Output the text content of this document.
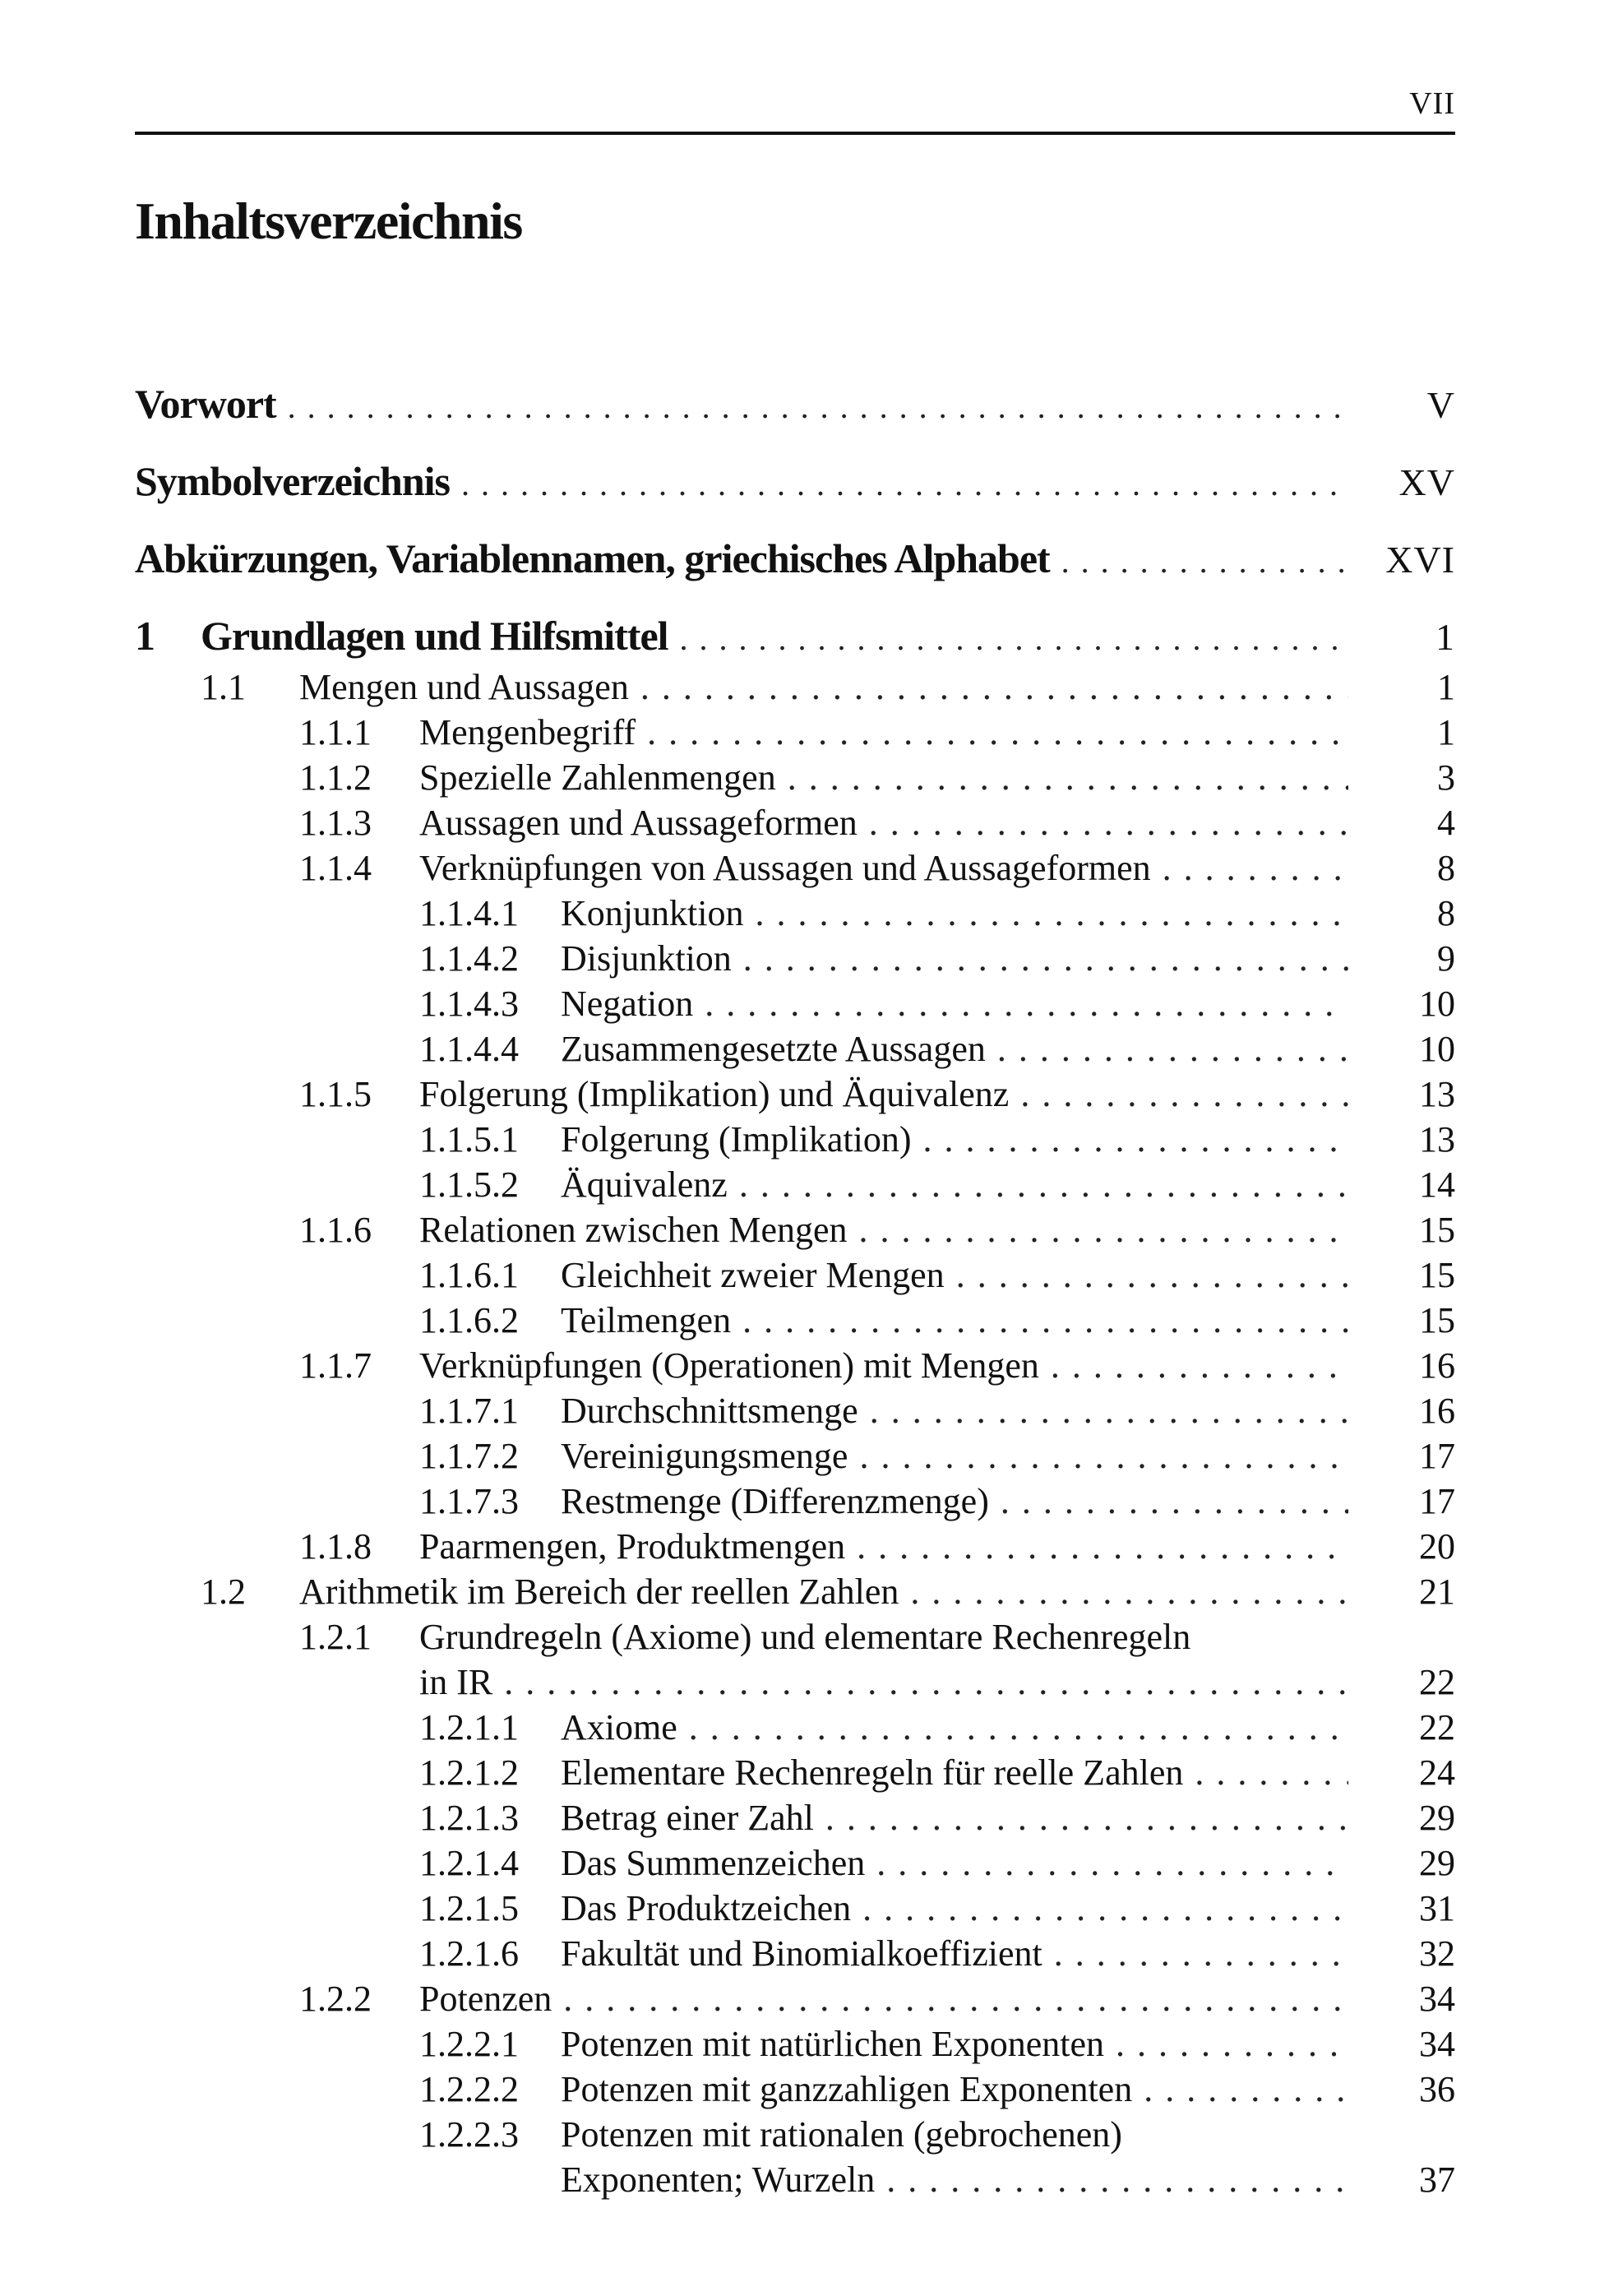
VII
Inhaltsverzeichnis
Vorwort . . .	V
Symbolverzeichnis . . .	XV
Abkürzungen, Variablennamen, griechisches Alphabet . . .	XVI
1	Grundlagen und Hilfsmittel . . .	1
1.1	Mengen und Aussagen . . .	1
1.1.1	Mengenbegriff . . .	1
1.1.2	Spezielle Zahlenmengen . . .	3
1.1.3	Aussagen und Aussageformen . . .	4
1.1.4	Verknüpfungen von Aussagen und Aussageformen . . .	8
1.1.4.1	Konjunktion . . .	8
1.1.4.2	Disjunktion . . .	9
1.1.4.3	Negation . . .	10
1.1.4.4	Zusammengesetzte Aussagen . . .	10
1.1.5	Folgerung (Implikation) und Äquivalenz . . .	13
1.1.5.1	Folgerung (Implikation) . . .	13
1.1.5.2	Äquivalenz . . .	14
1.1.6	Relationen zwischen Mengen . . .	15
1.1.6.1	Gleichheit zweier Mengen . . .	15
1.1.6.2	Teilmengen . . .	15
1.1.7	Verknüpfungen (Operationen) mit Mengen . . .	16
1.1.7.1	Durchschnittsmenge . . .	16
1.1.7.2	Vereinigungsmenge . . .	17
1.1.7.3	Restmenge (Differenzmenge) . . .	17
1.1.8	Paarmengen, Produktmengen . . .	20
1.2	Arithmetik im Bereich der reellen Zahlen . . .	21
1.2.1	Grundregeln (Axiome) und elementare Rechenregeln
in IR . . .	22
1.2.1.1	Axiome . . .	22
1.2.1.2	Elementare Rechenregeln für reelle Zahlen . . .	24
1.2.1.3	Betrag einer Zahl . . .	29
1.2.1.4	Das Summenzeichen . . .	29
1.2.1.5	Das Produktzeichen . . .	31
1.2.1.6	Fakultät und Binomialkoeffizient . . .	32
1.2.2	Potenzen . . .	34
1.2.2.1	Potenzen mit natürlichen Exponenten . . .	34
1.2.2.2	Potenzen mit ganzzahligen Exponenten . . .	36
1.2.2.3	Potenzen mit rationalen (gebrochenen)
Exponenten; Wurzeln . . .	37
